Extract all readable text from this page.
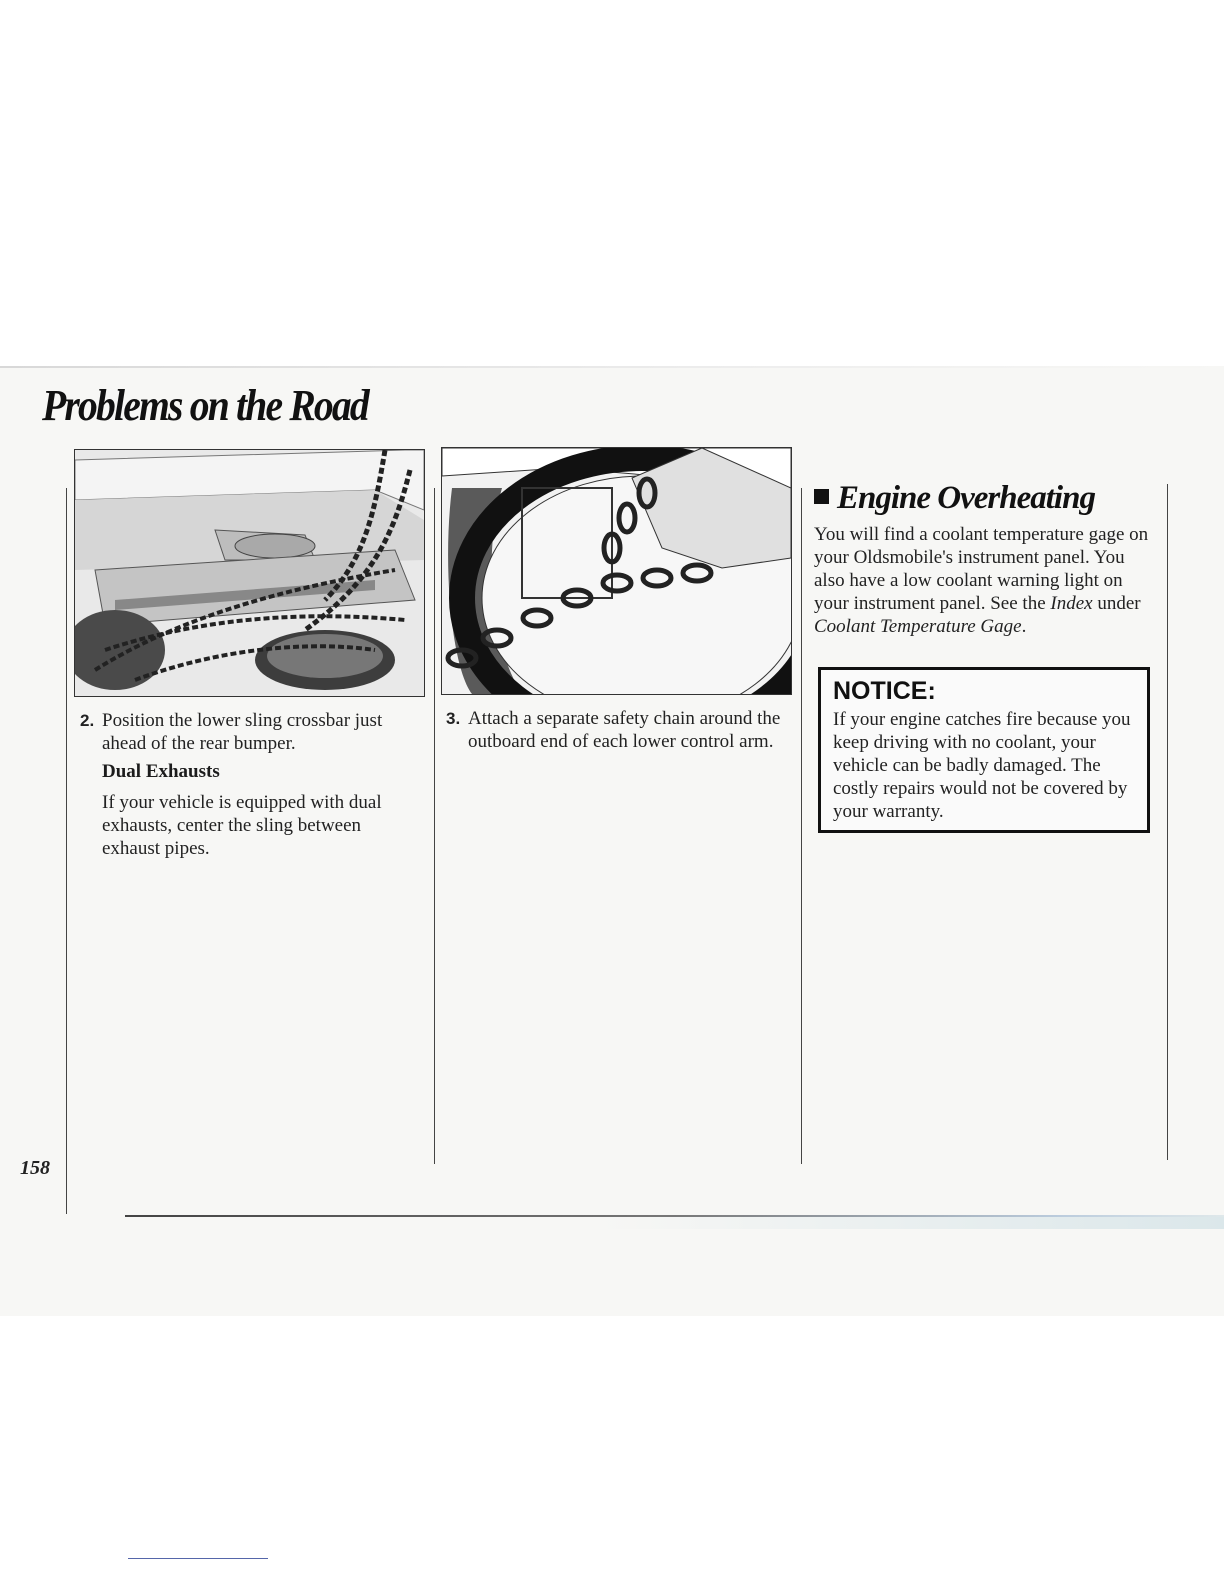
Problems on the Road
2. Position the lower sling crossbar just ahead of the rear bumper.
Dual Exhausts

If your vehicle is equipped with dual exhausts, center the sling between exhaust pipes.

3. Attach a separate safety chain around the outboard end of each lower control arm.
Engine Overheating

You will find a coolant temperature gage on your Oldsmobile's instrument panel. You also have a low coolant warning light on your instrument panel. See the Index under Coolant Temperature Gage.

NOTICE:

If your engine catches fire because you keep driving with no coolant, your vehicle can be badly damaged. The costly repairs would not be covered by your warranty.

158
